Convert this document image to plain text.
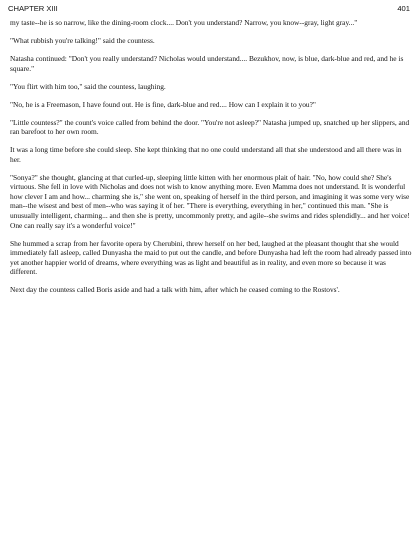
CHAPTER XIII	401

my taste--he is so narrow, like the dining-room clock.... Don't you understand? Narrow, you know--gray, light gray..."

"What rubbish you're talking!" said the countess.

Natasha continued: "Don't you really understand? Nicholas would understand.... Bezukhov, now, is blue, dark-blue and red, and he is square."

"You flirt with him too," said the countess, laughing.

"No, he is a Freemason, I have found out. He is fine, dark-blue and red.... How can I explain it to you?"

"Little countess?" the count's voice called from behind the door. "You're not asleep?" Natasha jumped up, snatched up her slippers, and ran barefoot to her own room.

It was a long time before she could sleep. She kept thinking that no one could understand all that she understood and all there was in her.

"Sonya?" she thought, glancing at that curled-up, sleeping little kitten with her enormous plait of hair. "No, how could she? She's virtuous. She fell in love with Nicholas and does not wish to know anything more. Even Mamma does not understand. It is wonderful how clever I am and how... charming she is," she went on, speaking of herself in the third person, and imagining it was some very wise man--the wisest and best of men--who was saying it of her. "There is everything, everything in her," continued this man. "She is unusually intelligent, charming... and then she is pretty, uncommonly pretty, and agile--she swims and rides splendidly... and her voice! One can really say it's a wonderful voice!"

She hummed a scrap from her favorite opera by Cherubini, threw herself on her bed, laughed at the pleasant thought that she would immediately fall asleep, called Dunyasha the maid to put out the candle, and before Dunyasha had left the room had already passed into yet another happier world of dreams, where everything was as light and beautiful as in reality, and even more so because it was different.

Next day the countess called Boris aside and had a talk with him, after which he ceased coming to the Rostovs'.
